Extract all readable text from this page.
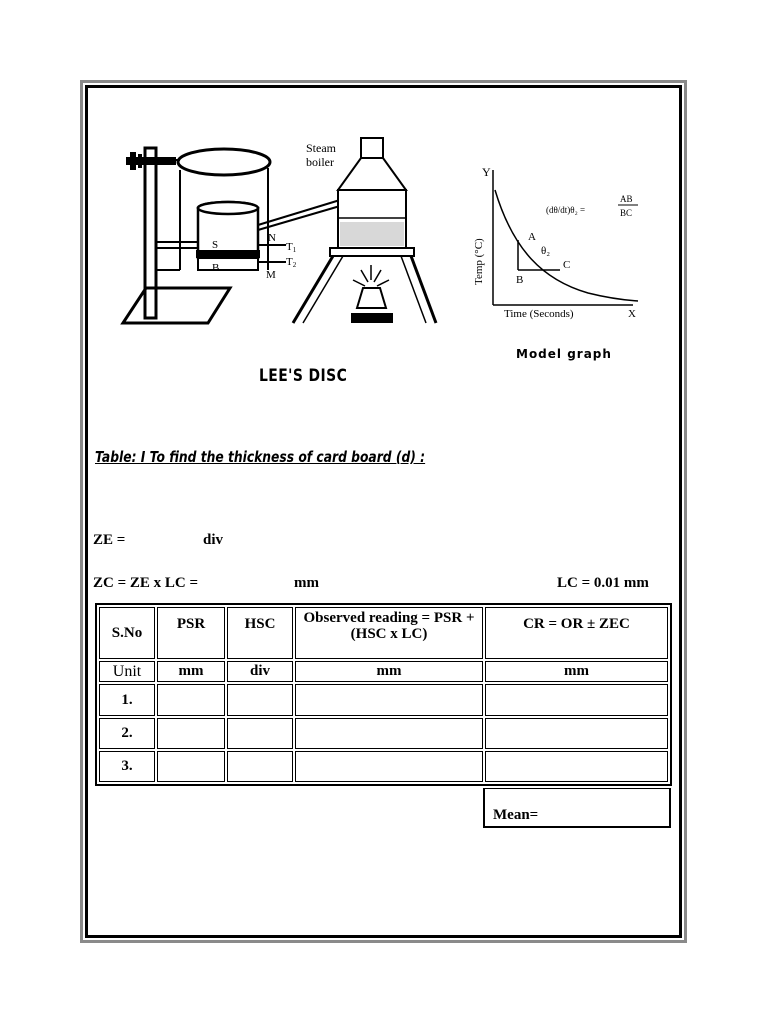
Steam
boiler
S
B
N
M
T1
T2
Y
X
Temp (°C)
Time (Seconds)
(dθ/dt)θ₂ =
AB
BC
A
B
C
θ₂
Model graph
LEE'S DISC
Table: I To find the thickness of card board (d) :
ZE =	div
ZC = ZE x LC =	mm	LC = 0.01 mm
S.No	PSR	HSC	Observed reading = PSR + (HSC x LC)	CR = OR ± ZEC
Unit	mm	div	mm	mm
1.				
2.				
3.				
Mean=
